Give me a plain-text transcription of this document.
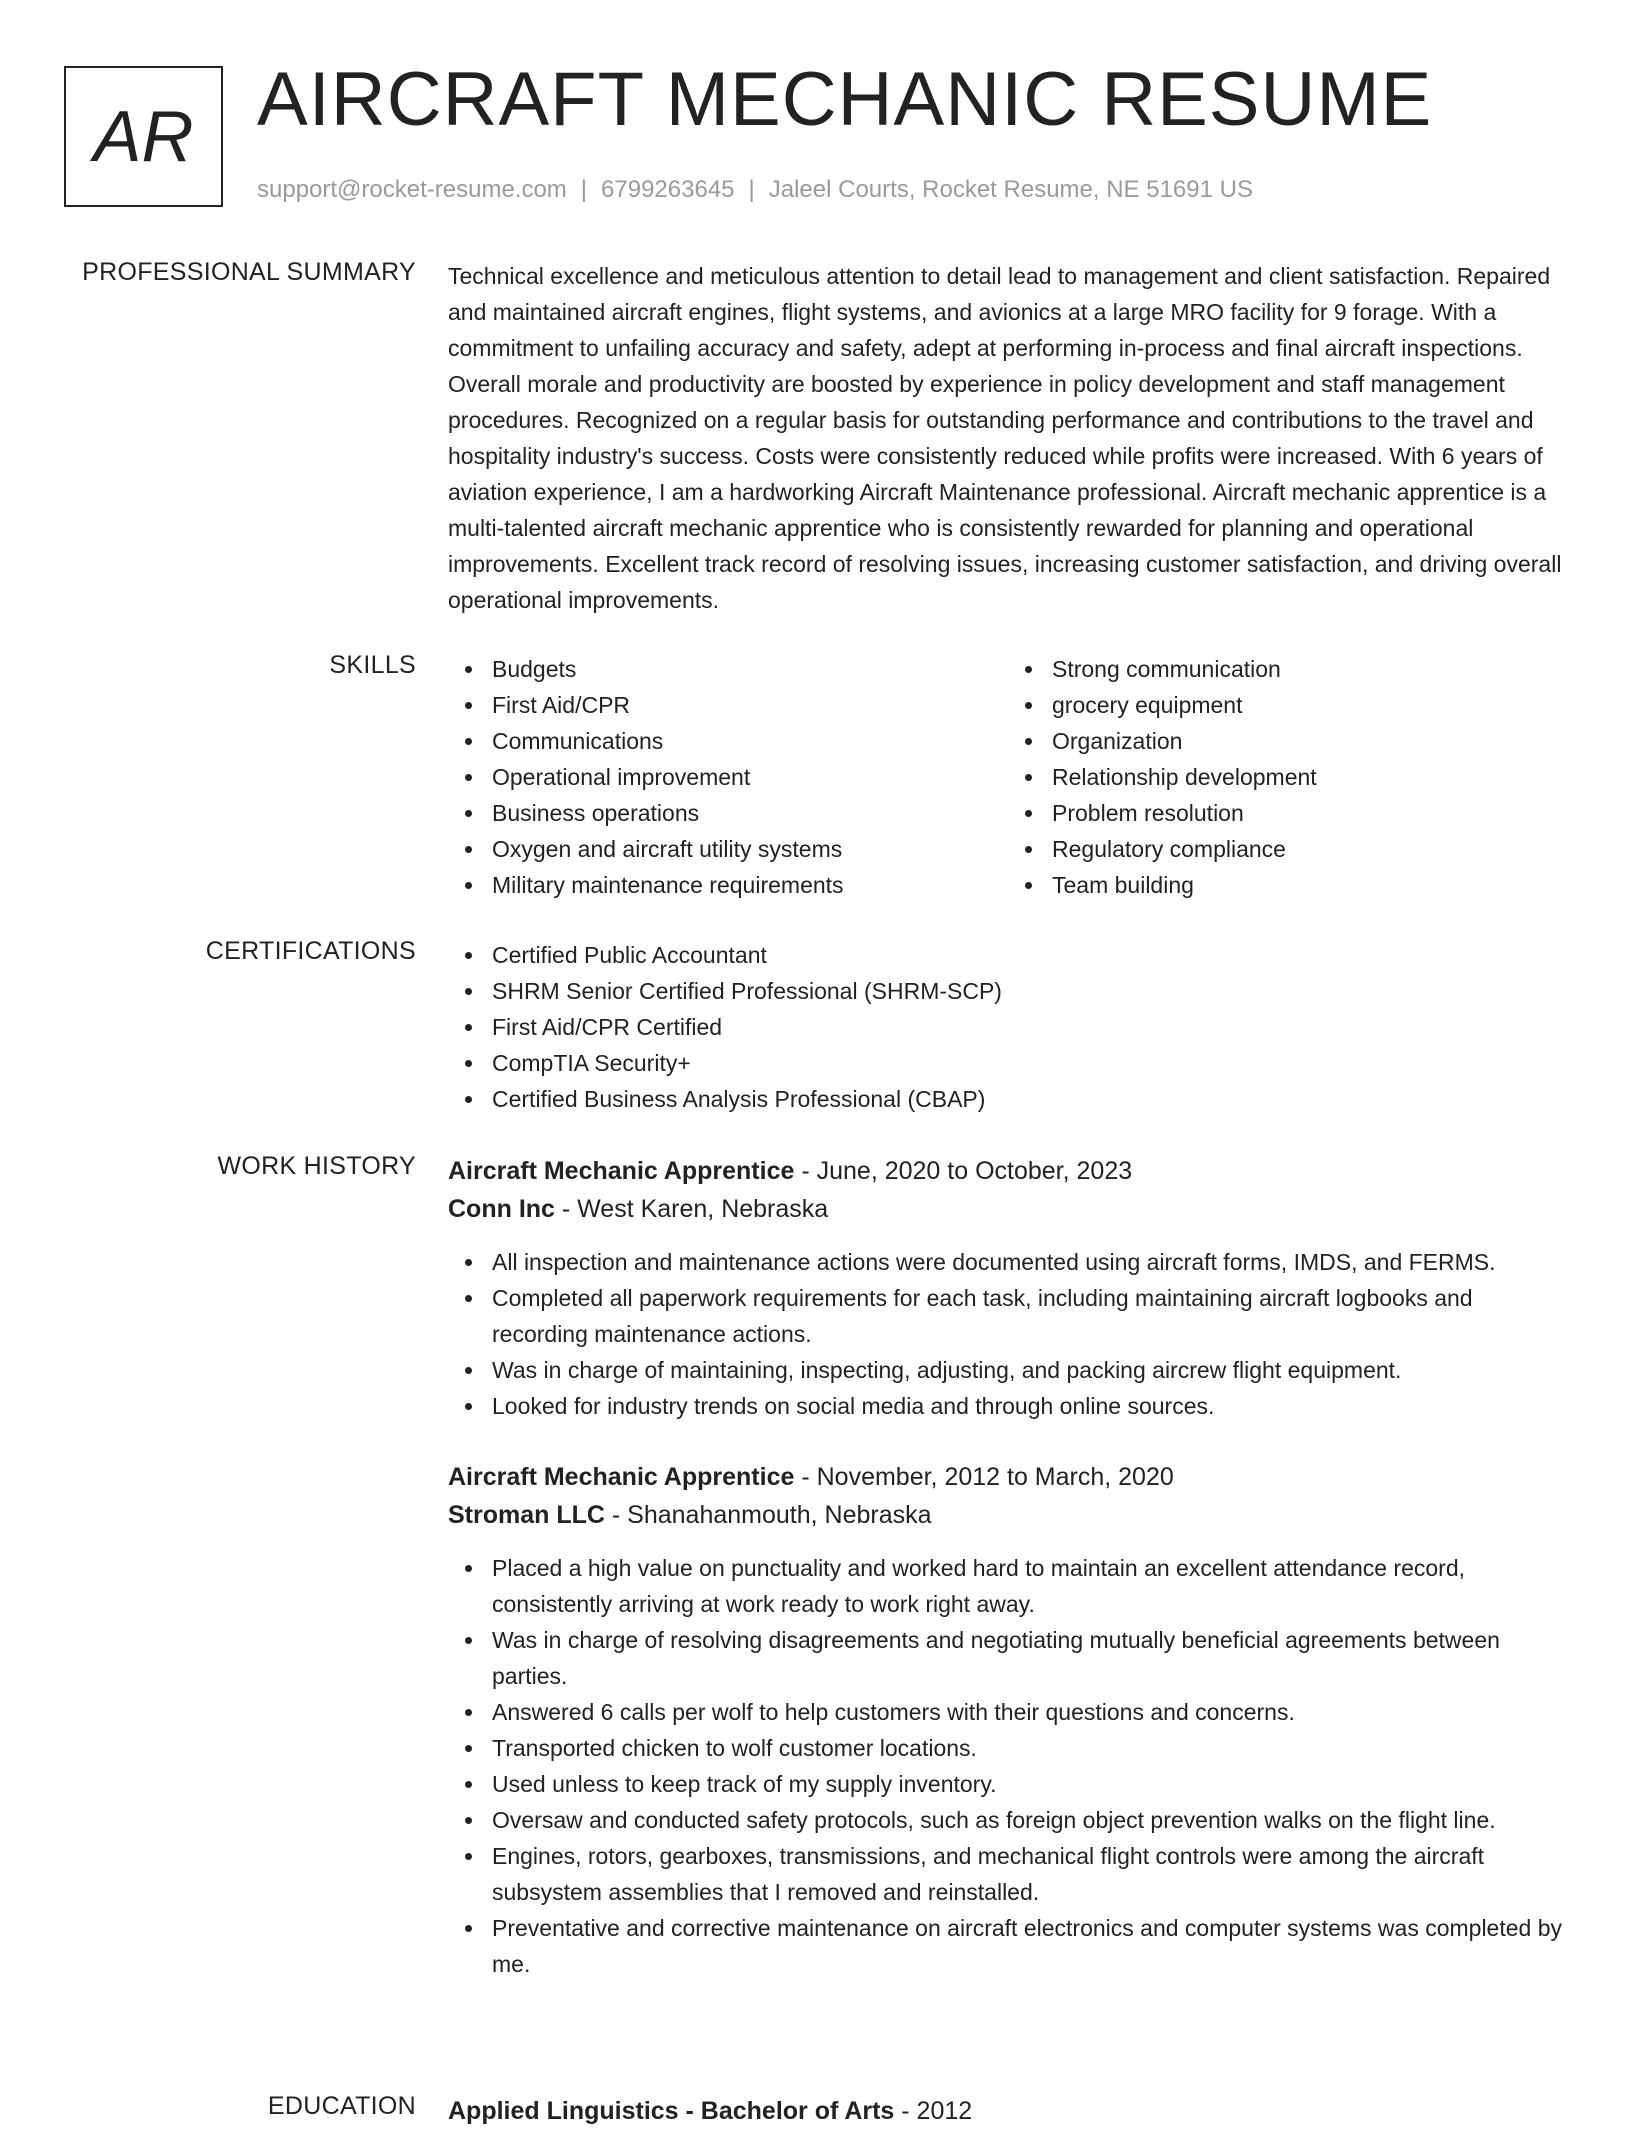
AR AIRCRAFT MECHANIC RESUME
support@rocket-resume.com | 6799263645 | Jaleel Courts, Rocket Resume, NE 51691 US
PROFESSIONAL SUMMARY Technical excellence and meticulous attention to detail lead to management and client satisfaction. Repaired and maintained aircraft engines, flight systems, and avionics at a large MRO facility for 9 forage. With a commitment to unfailing accuracy and safety, adept at performing in-process and final aircraft inspections. Overall morale and productivity are boosted by experience in policy development and staff management procedures. Recognized on a regular basis for outstanding performance and contributions to the travel and hospitality industry's success. Costs were consistently reduced while profits were increased. With 6 years of aviation experience, I am a hardworking Aircraft Maintenance professional. Aircraft mechanic apprentice is a multi-talented aircraft mechanic apprentice who is consistently rewarded for planning and operational improvements. Excellent track record of resolving issues, increasing customer satisfaction, and driving overall operational improvements.

SKILLS	Budgets
First Aid/CPR
Communications
Operational improvement
Business operations
Oxygen and aircraft utility systems
Military maintenance requirements
Strong communication
grocery equipment
Organization
Relationship development
Problem resolution
Regulatory compliance
Team building
CERTIFICATIONS	Certified Public Accountant
SHRM Senior Certified Professional (SHRM-SCP)
First Aid/CPR Certified
CompTIA Security+
Certified Business Analysis Professional (CBAP)
WORK HISTORY Aircraft Mechanic Apprentice - June, 2020 to October, 2023
Conn Inc - West Karen, Nebraska
All inspection and maintenance actions were documented using aircraft forms, IMDS, and FERMS.
Completed all paperwork requirements for each task, including maintaining aircraft logbooks and recording maintenance actions.
Was in charge of maintaining, inspecting, adjusting, and packing aircrew flight equipment.
Looked for industry trends on social media and through online sources.
Aircraft Mechanic Apprentice - November, 2012 to March, 2020
Stroman LLC - Shanahanmouth, Nebraska
Placed a high value on punctuality and worked hard to maintain an excellent attendance record, consistently arriving at work ready to work right away.
Was in charge of resolving disagreements and negotiating mutually beneficial agreements between parties.
Answered 6 calls per wolf to help customers with their questions and concerns.
Transported chicken to wolf customer locations.
Used unless to keep track of my supply inventory.
Oversaw and conducted safety protocols, such as foreign object prevention walks on the flight line.
Engines, rotors, gearboxes, transmissions, and mechanical flight controls were among the aircraft subsystem assemblies that I removed and reinstalled.
Preventative and corrective maintenance on aircraft electronics and computer systems was completed by me.
EDUCATION Applied Linguistics - Bachelor of Arts - 2012
